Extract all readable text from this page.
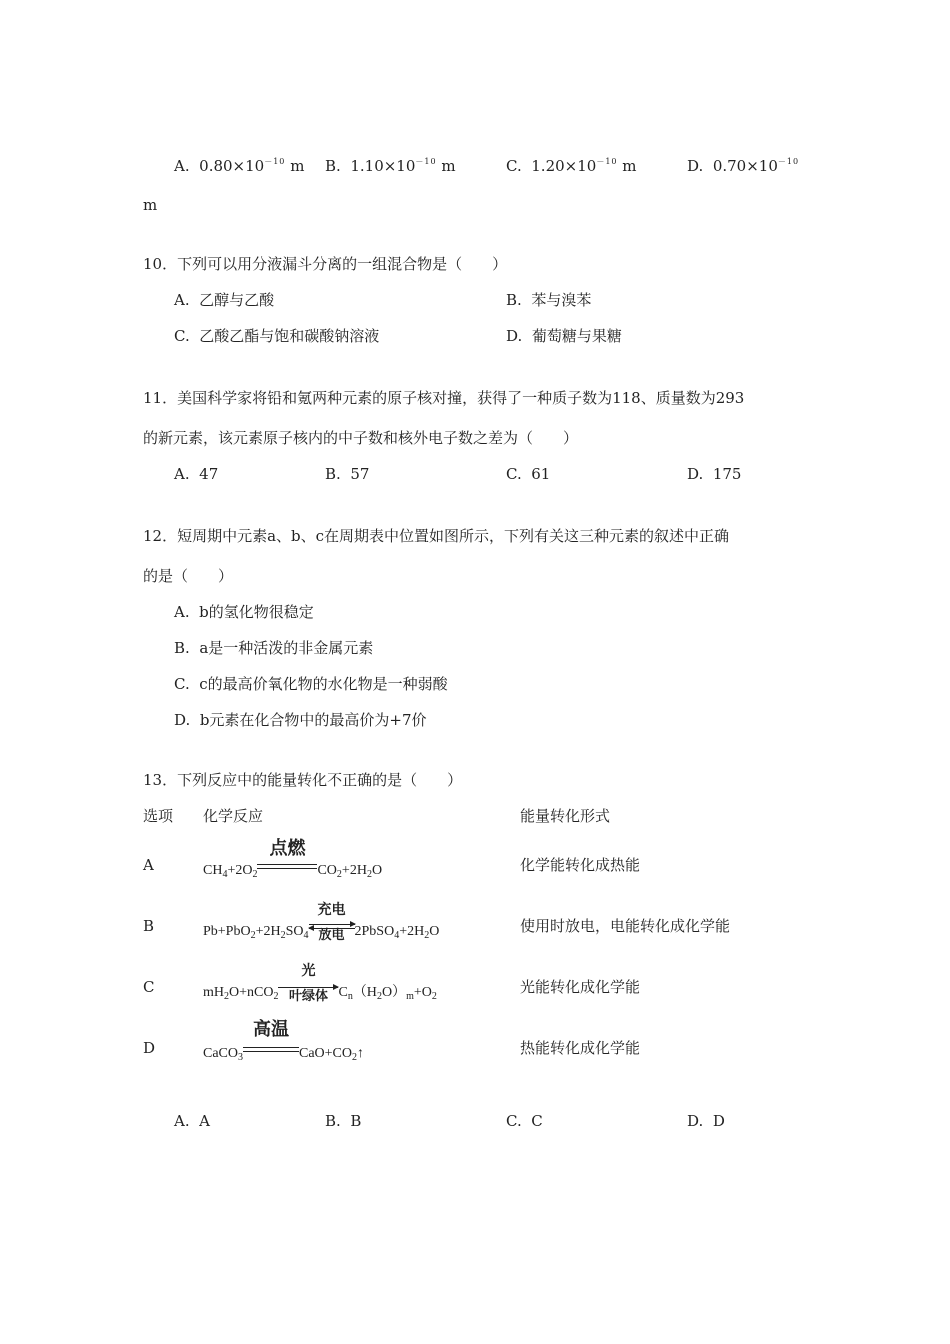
A. $0.80\times 10^{-10}$ m B. $1.10\times 10^{-10}$ m	C. $1.20\times 10^{-10}$ m	D. $0.70\times 10^{-10}$
m
10．下列可以用分液漏斗分离的一组混合物是（　　）
A. 乙醇与乙酸	B. 苯与溴苯
C. 乙酸乙酯与饱和碳酸钠溶液	D. 葡萄糖与果糖
11．美国科学家将铅和氪两种元素的原子核对撞，获得了一种质子数为118、质量数为293
的新元素，该元素原子核内的中子数和核外电子数之差为（　　）
A. 47	B. 57	C. 61	D. 175
12．短周期中元素a、b、c在周期表中位置如图所示，下列有关这三种元素的叙述中正确
的是（　　）
A. b的氢化物很稳定
B. a是一种活泼的非金属元素
C. c的最高价氧化物的水化物是一种弱酸
D. b元素在化合物中的最高价为+7价
13．下列反应中的能量转化不正确的是（　　）
选项 化学反应	能量转化形式
A	$CH_4+2O_2$
点燃
$CO_2+2H_2O$	化学能转化成热能
B	$Pb+PbO_2+2H_2SO_4$
充电
放电 $2PbSO_4+2H_2O$	使用时放电，电能转化成化学能
C	$mH_2O+nCO_2$
光
叶绿体 $C_n(H_2O)_m+O_2$
光能转化成化学能
D	CaCO$_3$
高温
$CaO+CO_2↑$	热能转化成化学能
A. A	B. B	C. C	D. D
